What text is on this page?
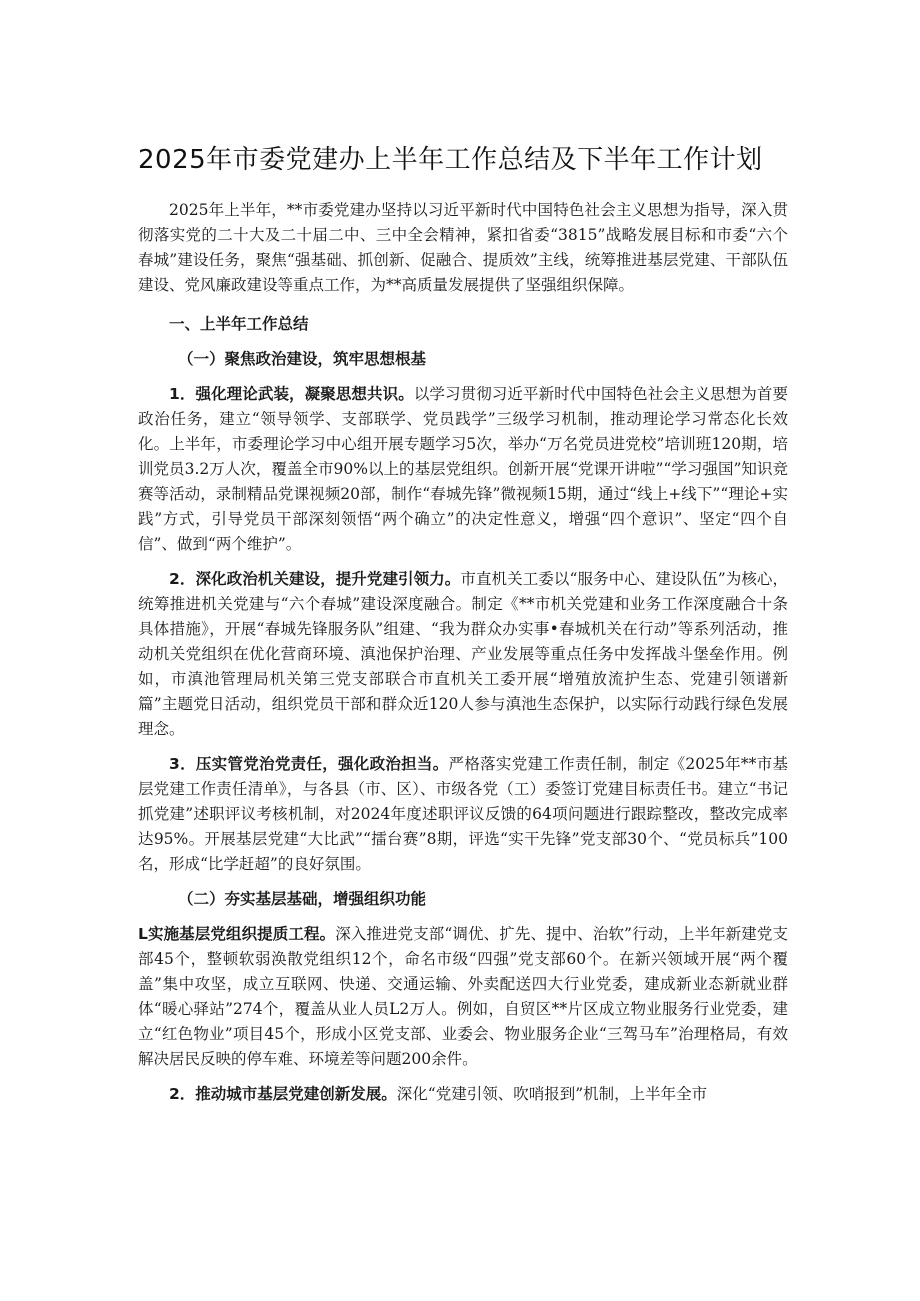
2025年市委党建办上半年工作总结及下半年工作计划

2025年上半年，**市委党建办坚持以习近平新时代中国特色社会主义思想为指导，深入贯彻落实党的二十大及二十届二中、三中全会精神，紧扣省委“3815”战略发展目标和市委“六个春城”建设任务，聚焦“强基础、抓创新、促融合、提质效”主线，统筹推进基层党建、干部队伍建设、党风廉政建设等重点工作，为**高质量发展提供了坚强组织保障。

一、上半年工作总结
（一）聚焦政治建设，筑牢思想根基

1．强化理论武装，凝聚思想共识。以学习贯彻习近平新时代中国特色社会主义思想为首要政治任务，建立“领导领学、支部联学、党员践学”三级学习机制，推动理论学习常态化长效化。上半年，市委理论学习中心组开展专题学习5次，举办“万名党员进党校”培训班120期，培训党员3.2万人次，覆盖全市90%以上的基层党组织。创新开展“党课开讲啦”“学习强国”知识竞赛等活动，录制精品党课视频20部，制作“春城先锋”微视频15期，通过“线上+线下”“理论+实践”方式，引导党员干部深刻领悟“两个确立”的决定性意义，增强“四个意识”、坚定“四个自信”、做到“两个维护”。

2．深化政治机关建设，提升党建引领力。市直机关工委以“服务中心、建设队伍”为核心，统筹推进机关党建与“六个春城”建设深度融合。制定《**市机关党建和业务工作深度融合十条具体措施》，开展“春城先锋服务队”组建、“我为群众办实事•春城机关在行动”等系列活动，推动机关党组织在优化营商环境、滇池保护治理、产业发展等重点任务中发挥战斗堡垒作用。例如，市滇池管理局机关第三党支部联合市直机关工委开展“增殖放流护生态、党建引领谱新篇”主题党日活动，组织党员干部和群众近120人参与滇池生态保护，以实际行动践行绿色发展理念。

3．压实管党治党责任，强化政治担当。严格落实党建工作责任制，制定《2025年**市基层党建工作责任清单》，与各县（市、区）、市级各党（工）委签订党建目标责任书。建立“书记抓党建”述职评议考核机制，对2024年度述职评议反馈的64项问题进行跟踪整改，整改完成率达95%。开展基层党建“大比武”“擂台赛”8期，评选“实干先锋”党支部30个、“党员标兵”100名，形成“比学赶超”的良好氛围。

（二）夯实基层基础，增强组织功能

L实施基层党组织提质工程。深入推进党支部“调优、扩先、提中、治软”行动，上半年新建党支部45个，整顿软弱涣散党组织12个，命名市级“四强”党支部60个。在新兴领域开展“两个覆盖”集中攻坚，成立互联网、快递、交通运输、外卖配送四大行业党委，建成新业态新就业群体“暖心驿站”274个，覆盖从业人员L2万人。例如，自贸区**片区成立物业服务行业党委，建立“红色物业”项目45个，形成小区党支部、业委会、物业服务企业“三驾马车”治理格局，有效解决居民反映的停车难、环境差等问题200余件。

2．推动城市基层党建创新发展。深化“党建引领、吹哨报到”机制，上半年全市
